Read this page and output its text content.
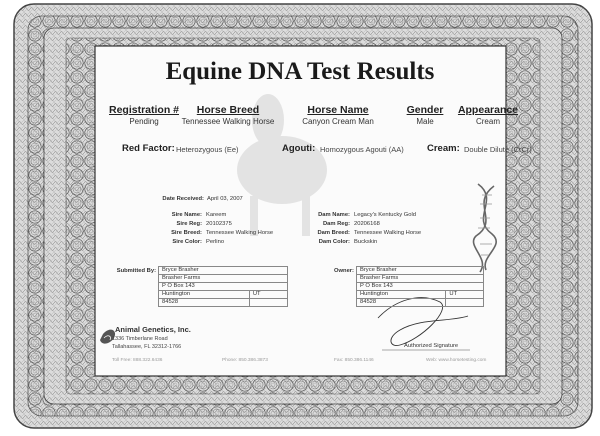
Equine DNA Test Results
Registration #
Pending
Horse Breed
Tennessee Walking Horse
Horse Name
Canyon Cream Man
Gender
Male
Appearance
Cream
Red Factor: Heterozygous (Ee)	Agouti: Homozygous Agouti (AA) Cream: Double Dilute (CrCr)
Date Received: April 03, 2007
Sire Name: Kareem
Sire Reg: 20102375
Sire Breed: Tennessee Walking Horse
Sire Color: Perlino
Dam Name: Legacy's Kentucky Gold
Dam Reg: 20206168
Dam Breed: Tennessee Walking Horse
Dam Color: Buckskin
Submitted By: Bryce Brasher	
Brasher Farms	
P O Box 143	
Huntington	UT
84528	
Owner: Bryce Brasher	
Brasher Farms	
P O Box 143	
Huntington	UT
84528	
Animal Genetics, Inc.
1336 Timberlane Road
Tallahassee, FL 32312-1766	Authorized Signature
Toll Free: 888.322.6436	Phone: 850.386.3873	Fax: 850.386.1146	Web: www.horsetesting.com
